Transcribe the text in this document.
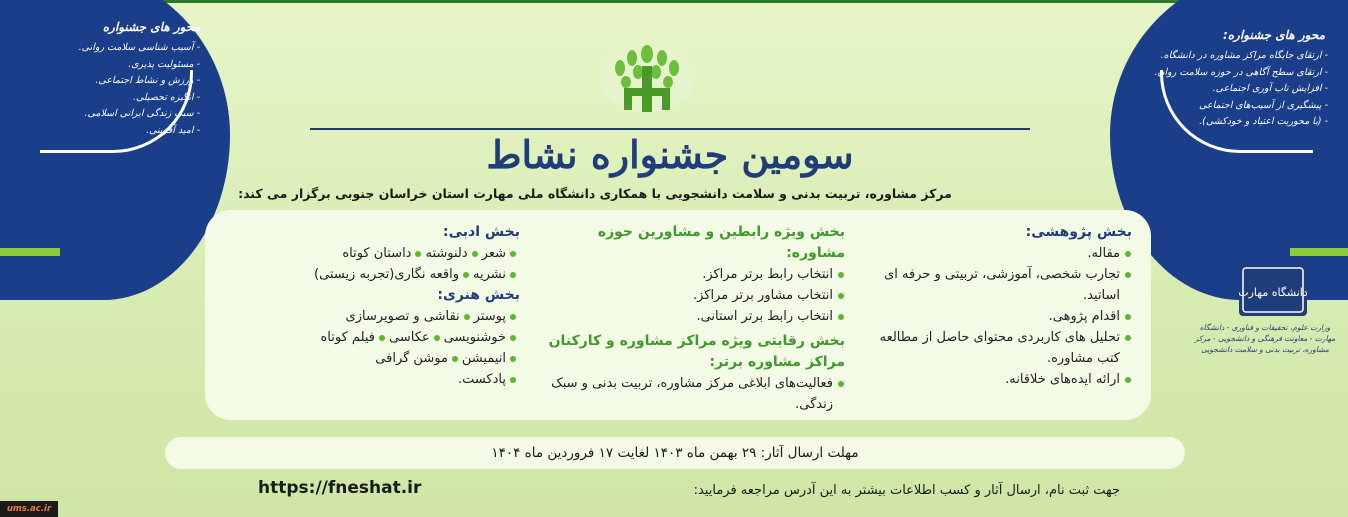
محور های جشنواره
- آسیب شناسی سلامت روانی.
- مسئولیت پذیری.
- ورزش و نشاط اجتماعی.
- انگیزه تحصیلی.
- سبک زندگی ایرانی اسلامی.
- امید آفرینی.
محور های جشنواره:
- ارتقای جایگاه مراکز مشاوره در دانشگاه.
- ارتقای سطح آگاهی در حوزه سلامت روان.
- افزایش تاب آوری اجتماعی.
- پیشگیری از آسیب‌های اجتماعی
- (با محوریت اعتیاد و خودکشی).
سومین جشنواره نشاط
مرکز مشاوره، تربیت بدنی و سلامت دانشجویی با همکاری دانشگاه ملی مهارت استان خراسان جنوبی برگزار می کند:
بخش پژوهشی:
مقاله.
تجارب شخصی، آموزشی، تربیتی و حرفه ای اساتید.
اقدام پژوهی.
تحلیل های کاربردی محتوای حاصل از مطالعه کتب مشاوره.
ارائه ایده‌های خلاقانه.
بخش ویژه رابطین و مشاورین حوزه مشاوره:
انتخاب رابط برتر مراکز.
انتخاب مشاور برتر مراکز.
انتخاب رابط برتر استانی.
بخش رقابتی ویژه مراکز مشاوره و کارکنان مراکز مشاوره برتر:
فعالیت‌های ابلاغی مرکز مشاوره، تربیت بدنی و سبک زندگی.
بخش ادبی:
شعردلنوشتهداستان کوتاه
نشریهواقعه نگاری(تجربه زیستی)
بخش هنری:
پوسترنقاشی و تصویرسازی
خوشنویسیعکاسیفیلم کوتاه
انیمیشنموشن گرافی
پادکست.
مهلت ارسال آثار: ۲۹ بهمن ماه ۱۴۰۳ لغایت ۱۷ فروردین ماه ۱۴۰۴
جهت ثبت نام، ارسال آثار و کسب اطلاعات بیشتر به این آدرس مراجعه فرمایید:
https://fneshat.ir
ums.ac.ir
دانشگاه مهارت
وزارت علوم، تحقیقات و فناوری - دانشگاه مهارت - معاونت فرهنگی و دانشجویی - مرکز مشاوره، تربیت بدنی و سلامت دانشجویی
